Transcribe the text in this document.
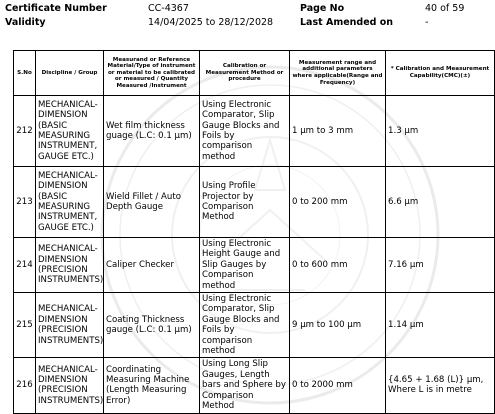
Certificate Number	CC-4367	Page No	40 of 59
Validity	14/04/2025 to 28/12/2028	Last Amended on	-
S.No	Discipline / Group	Measurand or Reference Material/Type of instrument or material to be calibrated or measured / Quantity Measured /Instrument	Calibration or Measurement Method or procedure	Measurement range and additional parameters where applicable(Range and Frequency)	* Calibration and Measurement Capability(CMC)(±)
212	MECHANICAL- DIMENSION (BASIC MEASURING INSTRUMENT, GAUGE ETC.)	Wet film thickness guage (L.C: 0.1 µm)	Using Electronic Comparator, Slip Gauge Blocks and Foils by comparison method	1 µm to 3 mm	1.3 µm
213	MECHANICAL- DIMENSION (BASIC MEASURING INSTRUMENT, GAUGE ETC.)	Wield Fillet / Auto Depth Gauge	Using Profile Projector by Comparison Method	0 to 200 mm	6.6 µm
214	MECHANICAL- DIMENSION (PRECISION INSTRUMENTS)	Caliper Checker	Using Electronic Height Gauge and Slip Gauges by Comparison method	0 to 600 mm	7.16 µm
215	MECHANICAL- DIMENSION (PRECISION INSTRUMENTS)	Coating Thickness gauge (L.C: 0.1 µm)	Using Electronic Comparator, Slip Gauge Blocks and Foils by comparison method	9 µm to 100 µm	1.14 µm
216	MECHANICAL- DIMENSION (PRECISION INSTRUMENTS)	Coordinating Measuring Machine (Length Measuring Error)	Using Long Slip Gauges, Length bars and Sphere by Comparison Method	0 to 2000 mm	{4.65 + 1.68 (L)} µm, Where L is in metre
